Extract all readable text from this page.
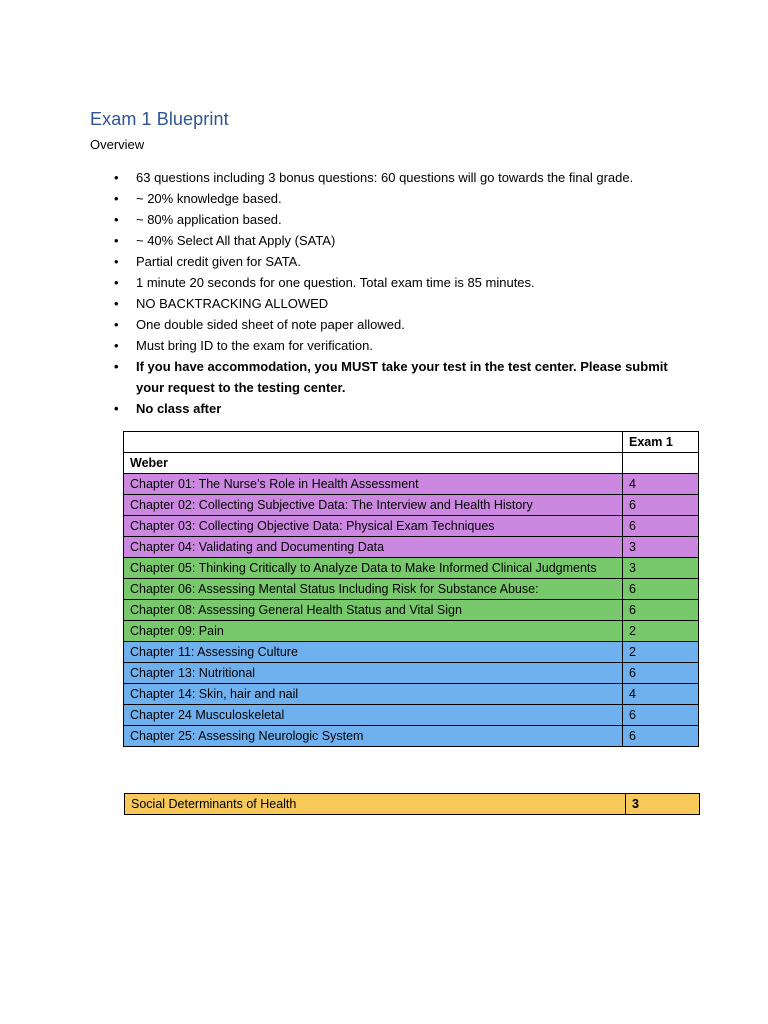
Exam 1 Blueprint

Overview

• 63 questions including 3 bonus questions: 60 questions will go towards the final grade.
• ~ 20% knowledge based.
• ~ 80% application based.
• ~ 40% Select All that Apply (SATA)
• Partial credit given for SATA.
• 1 minute 20 seconds for one question. Total exam time is 85 minutes.
• NO BACKTRACKING ALLOWED
• One double sided sheet of note paper allowed.
• Must bring ID to the exam for verification.
• If you have accommodation, you MUST take your test in the test center. Please submit your request to the testing center.
• No class after
	Exam 1
Weber	
Chapter 01: The Nurse’s Role in Health Assessment	4
Chapter 02: Collecting Subjective Data: The Interview and Health History	6
Chapter 03: Collecting Objective Data: Physical Exam Techniques	6
Chapter 04: Validating and Documenting Data	3
Chapter 05: Thinking Critically to Analyze Data to Make Informed Clinical Judgments	3
Chapter 06: Assessing Mental Status Including Risk for Substance Abuse:	6
Chapter 08: Assessing General Health Status and Vital Sign	6
Chapter 09: Pain	2
Chapter 11: Assessing Culture	2
Chapter 13: Nutritional	6
Chapter 14: Skin, hair and nail	4
Chapter 24 Musculoskeletal	6
Chapter 25: Assessing Neurologic System	6
Social Determinants of Health	3
